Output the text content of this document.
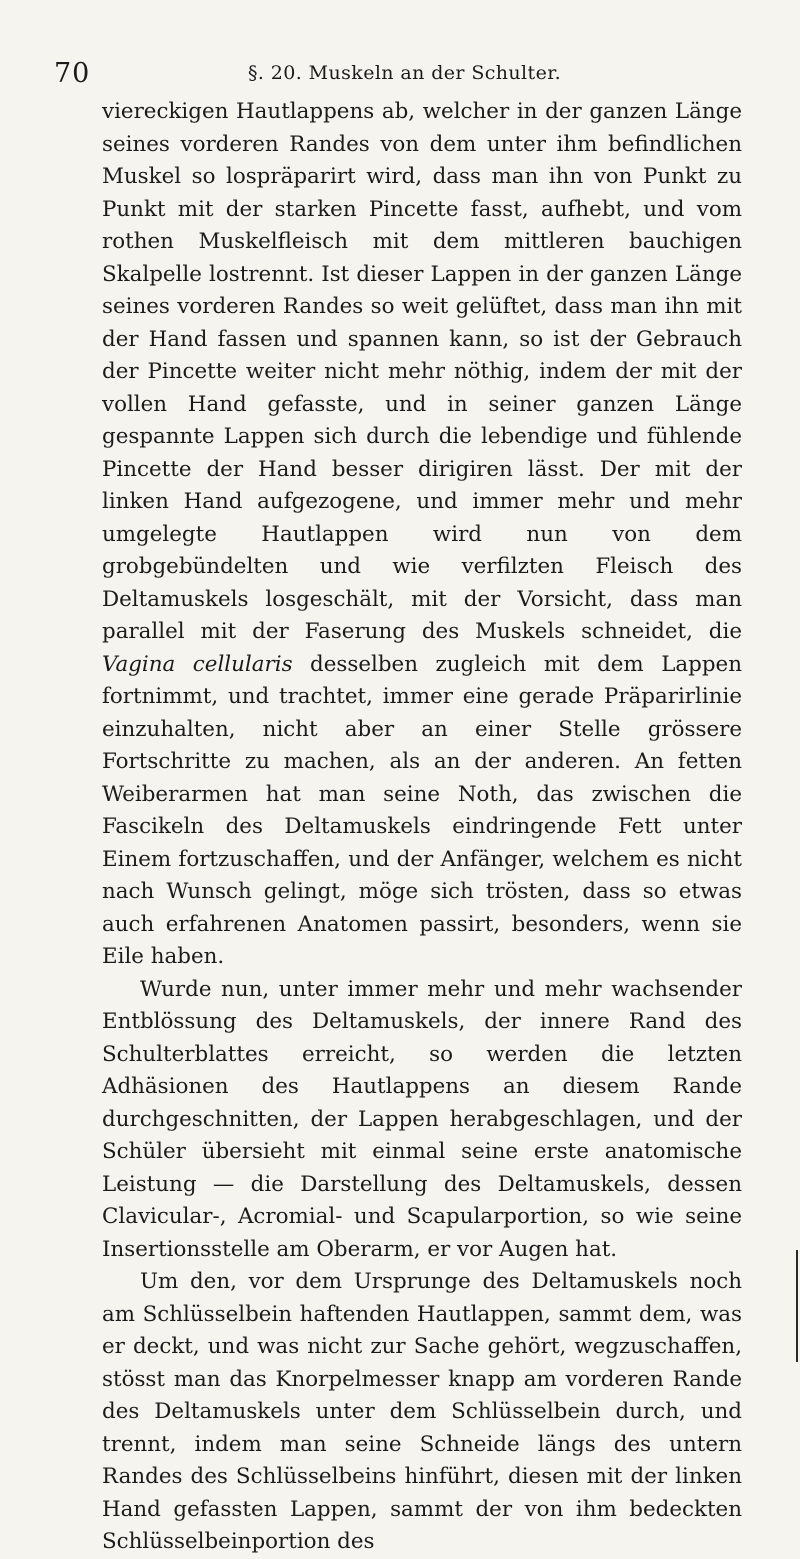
70	§. 20. Muskeln an der Schulter.

viereckigen Hautlappens ab, welcher in der ganzen Länge seines vorderen Randes von dem unter ihm befindlichen Muskel so lospräparirt wird, dass man ihn von Punkt zu Punkt mit der starken Pincette fasst, aufhebt, und vom rothen Muskelfleisch mit dem mittleren bauchigen Skalpelle lostrennt. Ist dieser Lappen in der ganzen Länge seines vorderen Randes so weit gelüftet, dass man ihn mit der Hand fassen und spannen kann, so ist der Gebrauch der Pincette weiter nicht mehr nöthig, indem der mit der vollen Hand gefasste, und in seiner ganzen Länge gespannte Lappen sich durch die lebendige und fühlende Pincette der Hand besser dirigiren lässt. Der mit der linken Hand aufgezogene, und immer mehr und mehr umgelegte Hautlappen wird nun von dem grobgebündelten und wie verfilzten Fleisch des Deltamuskels losgeschält, mit der Vorsicht, dass man parallel mit der Faserung des Muskels schneidet, die Vagina cellularis desselben zugleich mit dem Lappen fortnimmt, und trachtet, immer eine gerade Präparirlinie einzuhalten, nicht aber an einer Stelle grössere Fortschritte zu machen, als an der anderen. An fetten Weiberarmen hat man seine Noth, das zwischen die Fascikeln des Deltamuskels eindringende Fett unter Einem fortzuschaffen, und der Anfänger, welchem es nicht nach Wunsch gelingt, möge sich trösten, dass so etwas auch erfahrenen Anatomen passirt, besonders, wenn sie Eile haben.

Wurde nun, unter immer mehr und mehr wachsender Entblössung des Deltamuskels, der innere Rand des Schulterblattes erreicht, so werden die letzten Adhäsionen des Hautlappens an diesem Rande durchgeschnitten, der Lappen herabgeschlagen, und der Schüler übersieht mit einmal seine erste anatomische Leistung — die Darstellung des Deltamuskels, dessen Clavicular-, Acromial- und Scapularportion, so wie seine Insertionsstelle am Oberarm, er vor Augen hat.

Um den, vor dem Ursprunge des Deltamuskels noch am Schlüsselbein haftenden Hautlappen, sammt dem, was er deckt, und was nicht zur Sache gehört, wegzuschaffen, stösst man das Knorpelmesser knapp am vorderen Rande des Deltamuskels unter dem Schlüsselbein durch, und trennt, indem man seine Schneide längs des untern Randes des Schlüsselbeins hinführt, diesen mit der linken Hand gefassten Lappen, sammt der von ihm bedeckten Schlüsselbeinportion des
